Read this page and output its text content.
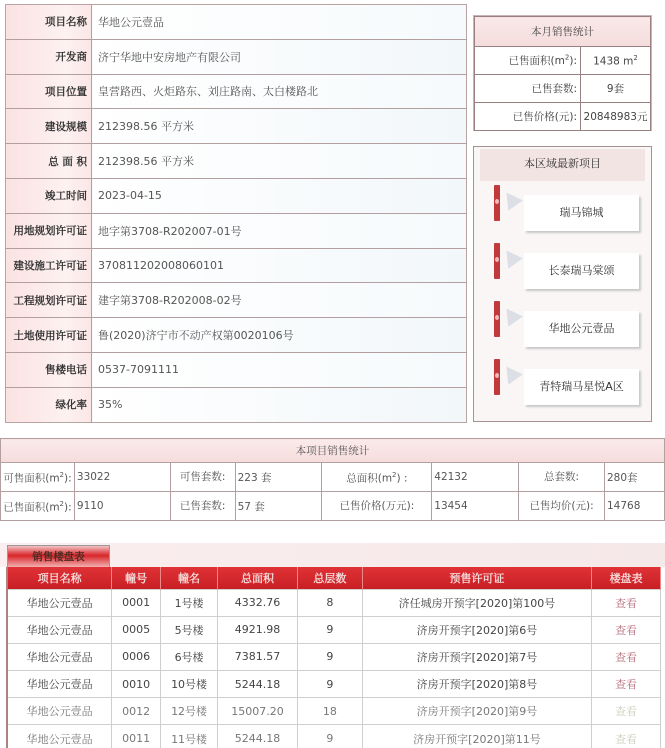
项目名称	华地公元壹品
开发商	济宁华地中安房地产有限公司
项目位置	皇营路西、火炬路东、刘庄路南、太白楼路北
建设规模	212398.56 平方米
总 面 积	212398.56 平方米
竣工时间	2023-04-15
用地规划许可证	地字第3708-R202007-01号
建设施工许可证	370811202008060101
工程规划许可证	建字第3708-R202008-02号
土地使用许可证	鲁(2020)济宁市不动产权第0020106号
售楼电话	0537-7091111
绿化率	35%
本月销售统计	
已售面积$(m^2)$:	1438 $m^2$
已售套数:	9套
已售价格(元):	20848983元
本区域最新项目
瑞马锦城
长泰瑞马棠颂
华地公元壹品
青特瑞马星悦A区
本项目销售统计							
可售面积$(m^2)$:	33022	可售套数:	223 套	总面积$(m^2)$ :	42132	总套数:	280套
已售面积$(m^2)$:	9110	已售套数:	57 套	已售价格(万元):	13454	已售均价(元):	14768
销售楼盘表
项目名称	幢号	幢名	总面积	总层数	预售许可证	楼盘表
华地公元壹品	0001	1号楼	4332.76	8	济任城房开预字[2020]第100号	查看
华地公元壹品	0005	5号楼	4921.98	9	济房开预字[2020]第6号	查看
华地公元壹品	0006	6号楼	7381.57	9	济房开预字[2020]第7号	查看
华地公元壹品	0010	10号楼	5244.18	9	济房开预字[2020]第8号	查看
华地公元壹品	0012	12号楼	15007.20	18	济房开预字[2020]第9号	查看
华地公元壹品	0011	11号楼	5244.18	9	济房开预字[2020]第11号	查看
